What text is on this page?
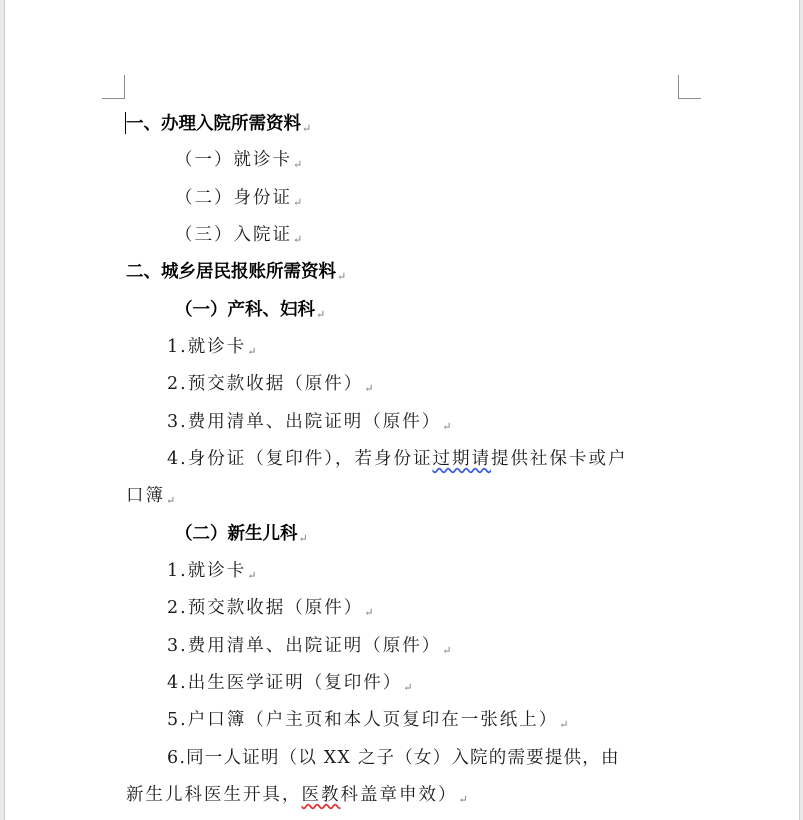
一、办理入院所需资料↵
（一）就诊卡↵
（二）身份证↵
（三）入院证↵
二、城乡居民报账所需资料↵
（一）产科、妇科↵
1.就诊卡↵
2.预交款收据（原件）↵
3.费用清单、出院证明（原件）↵
4.身份证（复印件），若身份证过期请提供社保卡或户
口簿↵
（二）新生儿科↵
1.就诊卡↵
2.预交款收据（原件）↵
3.费用清单、出院证明（原件）↵
4.出生医学证明（复印件）↵
5.户口簿（户主页和本人页复印在一张纸上）↵
6.同一人证明（以 XX 之子（女）入院的需要提供，由
新生儿科医生开具，医教科盖章申效）↵
